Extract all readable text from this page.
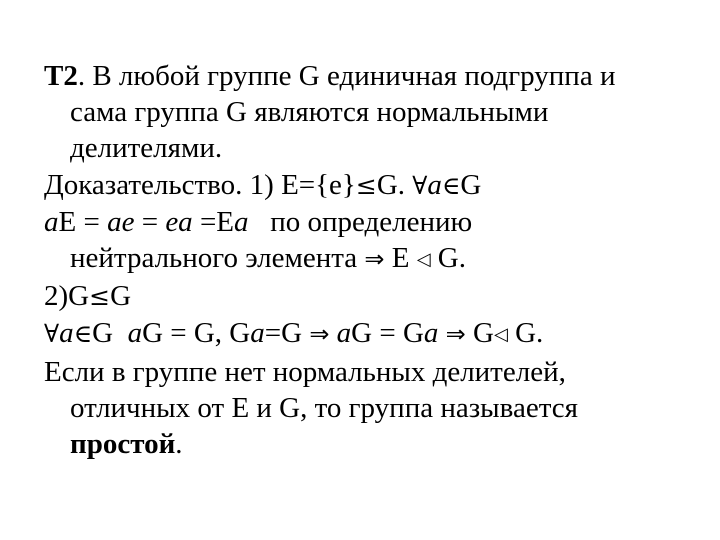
Т2. В любой группе G единичная подгруппа и
сама группа G являются нормальными
делителями.
Доказательство. 1) E={e}≤G. ∀a∈G
aE = ae = ea =Ea   по определению
нейтрального элемента ⇒ E ◁ G.
2)G≤G
∀a∈G  aG = G, Ga=G ⇒ aG = Ga ⇒ G◁ G.
Если в группе нет нормальных делителей,
отличных от E и G, то группа называется
простой.
